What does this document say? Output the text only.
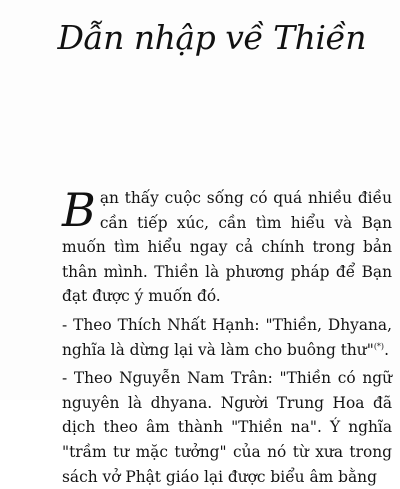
Dẫn nhập về Thiền

Bạn thấy cuộc sống có quá nhiều điều cần tiếp xúc, cần tìm hiểu và Bạn muốn tìm hiểu ngay cả chính trong bản thân mình. Thiền là phương pháp để Bạn đạt được ý muốn đó.

- Theo Thích Nhất Hạnh: "Thiền, Dhyana, nghĩa là dừng lại và làm cho buông thư"(*).

- Theo Nguyễn Nam Trân: "Thiền có ngữ nguyên là dhyana. Người Trung Hoa đã dịch theo âm thành "Thiền na". Ý nghĩa "trầm tư mặc tưởng" của nó từ xưa trong sách vở Phật giáo lại được biểu âm bằng
